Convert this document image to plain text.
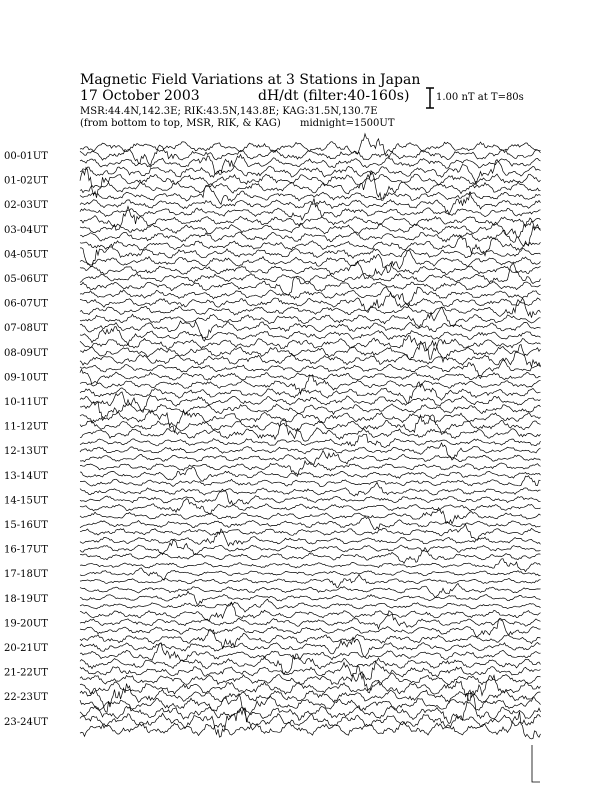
Magnetic Field Variations at 3 Stations in Japan
17 October 2003	dH/dt (filter:40-160s)
MSR:44.4N,142.3E; RIK:43.5N,143.8E; KAG:31.5N,130.7E
(from bottom to top, MSR, RIK, & KAG) midnight=1500UT
1.00 nT at T=80s
00-01UT
01-02UT
02-03UT
03-04UT
04-05UT
05-06UT
06-07UT
07-08UT
08-09UT
09-10UT
10-11UT
11-12UT
12-13UT
13-14UT
14-15UT
15-16UT
16-17UT
17-18UT
18-19UT
19-20UT
20-21UT
21-22UT
22-23UT
23-24UT
